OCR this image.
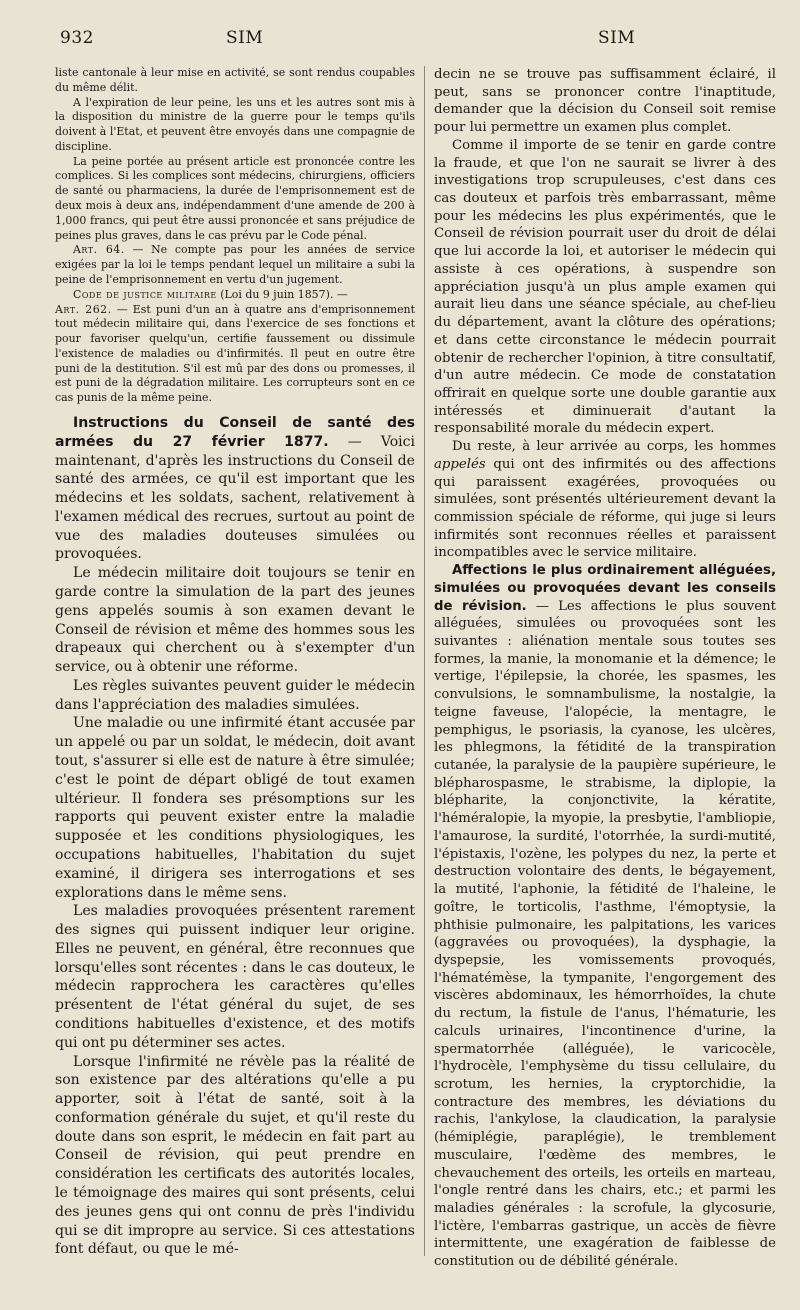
932	SIM	SIM

liste cantonale à leur mise en activité, se sont rendus coupables du même délit.

A l'expiration de leur peine, les uns et les autres sont mis à la disposition du ministre de la guerre pour le temps qu'ils doivent à l'Etat, et peuvent être envoyés dans une compagnie de discipline.

La peine portée au présent article est prononcée contre les complices. Si les complices sont médecins, chirurgiens, officiers de santé ou pharmaciens, la durée de l'emprisonnement est de deux mois à deux ans, indépendamment d'une amende de 200 à 1,000 francs, qui peut être aussi prononcée et sans préjudice de peines plus graves, dans le cas prévu par le Code pénal.

Art. 64. — Ne compte pas pour les années de service exigées par la loi le temps pendant lequel un militaire a subi la peine de l'emprisonnement en vertu d'un jugement.

Code de justice militaire (Loi du 9 juin 1857). —

Art. 262. — Est puni d'un an à quatre ans d'emprisonnement tout médecin militaire qui, dans l'exercice de ses fonctions et pour favoriser quelqu'un, certifie faussement ou dissimule l'existence de maladies ou d'infirmités. Il peut en outre être puni de la destitution. S'il est mû par des dons ou promesses, il est puni de la dégradation militaire. Les corrupteurs sont en ce cas punis de la même peine.

Instructions du Conseil de santé des armées du 27 février 1877. — Voici maintenant, d'après les instructions du Conseil de santé des armées, ce qu'il est important que les médecins et les soldats, sachent, relativement à l'examen médical des recrues, surtout au point de vue des maladies douteuses simulées ou provoquées.

Le médecin militaire doit toujours se tenir en garde contre la simulation de la part des jeunes gens appelés soumis à son examen devant le Conseil de révision et même des hommes sous les drapeaux qui cherchent ou à s'exempter d'un service, ou à obtenir une réforme.

Les règles suivantes peuvent guider le médecin dans l'appréciation des maladies simulées.

Une maladie ou une infirmité étant accusée par un appelé ou par un soldat, le médecin, doit avant tout, s'assurer si elle est de nature à être simulée; c'est le point de départ obligé de tout examen ultérieur. Il fondera ses présomptions sur les rapports qui peuvent exister entre la maladie supposée et les conditions physiologiques, les occupations habituelles, l'habitation du sujet examiné, il dirigera ses interrogations et ses explorations dans le même sens.

Les maladies provoquées présentent rarement des signes qui puissent indiquer leur origine. Elles ne peuvent, en général, être reconnues que lorsqu'elles sont récentes : dans le cas douteux, le médecin rapprochera les caractères qu'elles présentent de l'état général du sujet, de ses conditions habituelles d'existence, et des motifs qui ont pu déterminer ses actes.

Lorsque l'infirmité ne révèle pas la réalité de son existence par des altérations qu'elle a pu apporter, soit à l'état de santé, soit à la conformation générale du sujet, et qu'il reste du doute dans son esprit, le médecin en fait part au Conseil de révision, qui peut prendre en considération les certificats des autorités locales, le témoignage des maires qui sont présents, celui des jeunes gens qui ont connu de près l'individu qui se dit impropre au service. Si ces attestations font défaut, ou que le mé-

decin ne se trouve pas suffisamment éclairé, il peut, sans se prononcer contre l'inaptitude, demander que la décision du Conseil soit remise pour lui permettre un examen plus complet.

Comme il importe de se tenir en garde contre la fraude, et que l'on ne saurait se livrer à des investigations trop scrupuleuses, c'est dans ces cas douteux et parfois très embarrassant, même pour les médecins les plus expérimentés, que le Conseil de révision pourrait user du droit de délai que lui accorde la loi, et autoriser le médecin qui assiste à ces opérations, à suspendre son appréciation jusqu'à un plus ample examen qui aurait lieu dans une séance spéciale, au chef-lieu du département, avant la clôture des opérations; et dans cette circonstance le médecin pourrait obtenir de rechercher l'opinion, à titre consultatif, d'un autre médecin. Ce mode de constatation offrirait en quelque sorte une double garantie aux intéressés et diminuerait d'autant la responsabilité morale du médecin expert.

Du reste, à leur arrivée au corps, les hommes appelés qui ont des infirmités ou des affections qui paraissent exagérées, provoquées ou simulées, sont présentés ultérieurement devant la commission spéciale de réforme, qui juge si leurs infirmités sont reconnues réelles et paraissent incompatibles avec le service militaire.

Affections le plus ordinairement alléguées, simulées ou provoquées devant les conseils de révision. — Les affections le plus souvent alléguées, simulées ou provoquées sont les suivantes : aliénation mentale sous toutes ses formes, la manie, la monomanie et la démence; le vertige, l'épilepsie, la chorée, les spasmes, les convulsions, le somnambulisme, la nostalgie, la teigne faveuse, l'alopécie, la mentagre, le pemphigus, le psoriasis, la cyanose, les ulcères, les phlegmons, la fétidité de la transpiration cutanée, la paralysie de la paupière supérieure, le blépharospasme, le strabisme, la diplopie, la blépharite, la conjonctivite, la kératite, l'héméralopie, la myopie, la presbytie, l'ambliopie, l'amaurose, la surdité, l'otorrhée, la surdi-mutité, l'épistaxis, l'ozène, les polypes du nez, la perte et destruction volontaire des dents, le bégayement, la mutité, l'aphonie, la fétidité de l'haleine, le goître, le torticolis, l'asthme, l'émoptysie, la phthisie pulmonaire, les palpitations, les varices (aggravées ou provoquées), la dysphagie, la dyspepsie, les vomissements provoqués, l'hématémèse, la tympanite, l'engorgement des viscères abdominaux, les hémorrhoïdes, la chute du rectum, la fistule de l'anus, l'hématurie, les calculs urinaires, l'incontinence d'urine, la spermatorrhée (alléguée), le varicocèle, l'hydrocèle, l'emphysème du tissu cellulaire, du scrotum, les hernies, la cryptorchidie, la contracture des membres, les déviations du rachis, l'ankylose, la claudication, la paralysie (hémiplégie, paraplégie), le tremblement musculaire, l'œdème des membres, le chevauchement des orteils, les orteils en marteau, l'ongle rentré dans les chairs, etc.; et parmi les maladies générales : la scrofule, la glycosurie, l'ictère, l'embarras gastrique, un accès de fièvre intermittente, une exagération de faiblesse de constitution ou de débilité générale.
